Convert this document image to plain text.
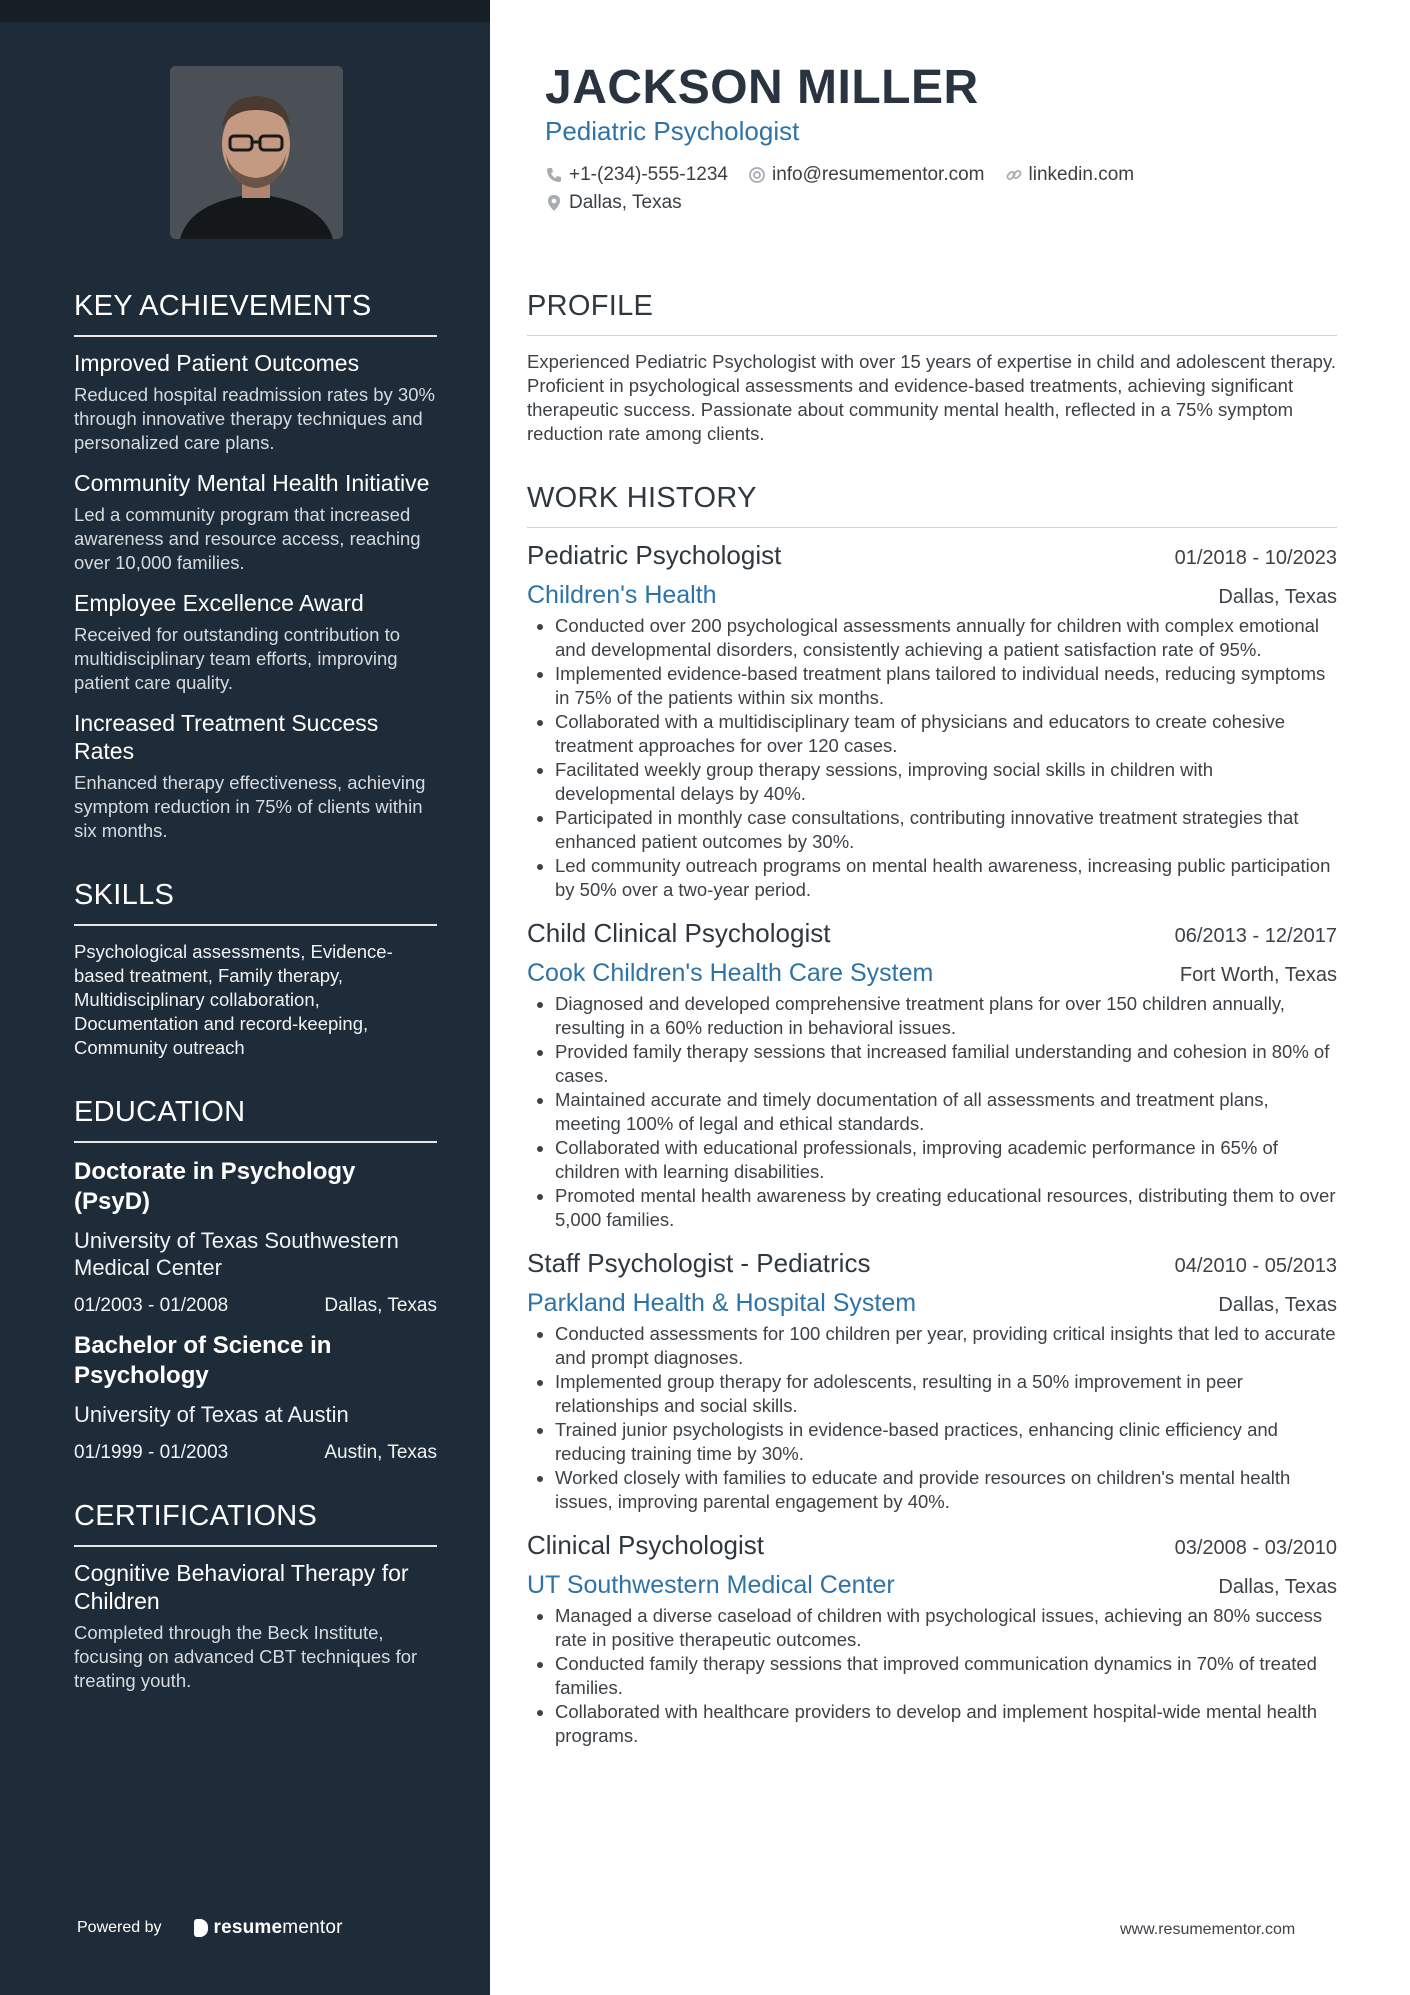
KEY ACHIEVEMENTS
Improved Patient Outcomes
Reduced hospital readmission rates by 30% through innovative therapy techniques and personalized care plans.
Community Mental Health Initiative
Led a community program that increased awareness and resource access, reaching over 10,000 families.
Employee Excellence Award
Received for outstanding contribution to multidisciplinary team efforts, improving patient care quality.
Increased Treatment Success Rates
Enhanced therapy effectiveness, achieving symptom reduction in 75% of clients within six months.
SKILLS
Psychological assessments, Evidence-based treatment, Family therapy, Multidisciplinary collaboration, Documentation and record-keeping, Community outreach
EDUCATION
Doctorate in Psychology (PsyD)
University of Texas Southwestern Medical Center
01/2003 - 01/2008	Dallas, Texas
Bachelor of Science in Psychology
University of Texas at Austin
01/1999 - 01/2003	Austin, Texas
CERTIFICATIONS
Cognitive Behavioral Therapy for Children
Completed through the Beck Institute, focusing on advanced CBT techniques for treating youth.
Powered by	resume mentor
JACKSON MILLER
Pediatric Psychologist
+1-(234)-555-1234 info@resumementor.com linkedin.com
Dallas, Texas
PROFILE
Experienced Pediatric Psychologist with over 15 years of expertise in child and adolescent therapy. Proficient in psychological assessments and evidence-based treatments, achieving significant therapeutic success. Passionate about community mental health, reflected in a 75% symptom reduction rate among clients.
WORK HISTORY
Pediatric Psychologist	01/2018 - 10/2023
Children's Health	Dallas, Texas
• Conducted over 200 psychological assessments annually for children with complex emotional and developmental disorders, consistently achieving a patient satisfaction rate of 95%.
• Implemented evidence-based treatment plans tailored to individual needs, reducing symptoms in 75% of the patients within six months.
• Collaborated with a multidisciplinary team of physicians and educators to create cohesive treatment approaches for over 120 cases.
• Facilitated weekly group therapy sessions, improving social skills in children with developmental delays by 40%.
• Participated in monthly case consultations, contributing innovative treatment strategies that enhanced patient outcomes by 30%.
• Led community outreach programs on mental health awareness, increasing public participation by 50% over a two-year period.
Child Clinical Psychologist	06/2013 - 12/2017
Cook Children's Health Care System	Fort Worth, Texas
• Diagnosed and developed comprehensive treatment plans for over 150 children annually, resulting in a 60% reduction in behavioral issues.
• Provided family therapy sessions that increased familial understanding and cohesion in 80% of cases.
• Maintained accurate and timely documentation of all assessments and treatment plans, meeting 100% of legal and ethical standards.
• Collaborated with educational professionals, improving academic performance in 65% of children with learning disabilities.
• Promoted mental health awareness by creating educational resources, distributing them to over 5,000 families.
Staff Psychologist - Pediatrics	04/2010 - 05/2013
Parkland Health & Hospital System	Dallas, Texas
• Conducted assessments for 100 children per year, providing critical insights that led to accurate and prompt diagnoses.
• Implemented group therapy for adolescents, resulting in a 50% improvement in peer relationships and social skills.
• Trained junior psychologists in evidence-based practices, enhancing clinic efficiency and reducing training time by 30%.
• Worked closely with families to educate and provide resources on children's mental health issues, improving parental engagement by 40%.
Clinical Psychologist	03/2008 - 03/2010
UT Southwestern Medical Center	Dallas, Texas
• Managed a diverse caseload of children with psychological issues, achieving an 80% success rate in positive therapeutic outcomes.
• Conducted family therapy sessions that improved communication dynamics in 70% of treated families.
• Collaborated with healthcare providers to develop and implement hospital-wide mental health programs.
www.resumementor.com
